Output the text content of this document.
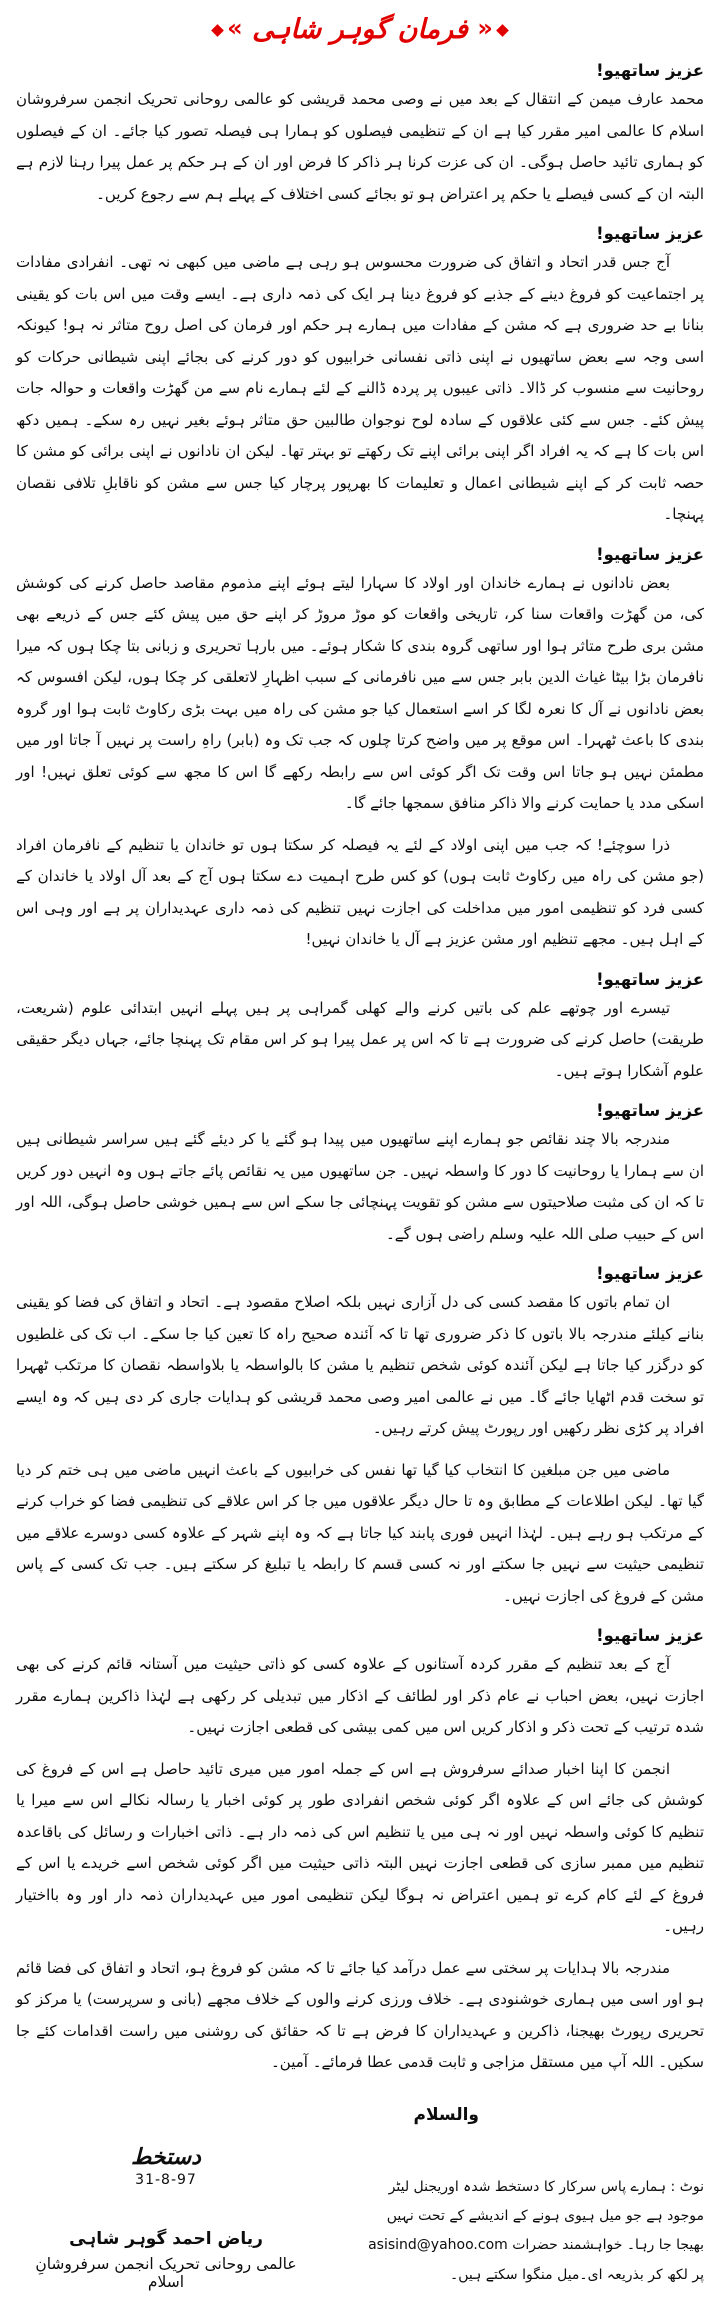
« فرمان گوہر شاہی »
عزیز ساتھیو!

محمد عارف میمن کے انتقال کے بعد میں نے وصی محمد قریشی کو عالمی روحانی تحریک انجمن سرفروشان اسلام کا عالمی امیر مقرر کیا ہے ان کے تنظیمی فیصلوں کو ہمارا ہی فیصلہ تصور کیا جائے۔ ان کے فیصلوں کو ہماری تائید حاصل ہوگی۔ ان کی عزت کرنا ہر ذاکر کا فرض اور ان کے ہر حکم پر عمل پیرا رہنا لازم ہے البتہ ان کے کسی فیصلے یا حکم پر اعتراض ہو تو بجائے کسی اختلاف کے پہلے ہم سے رجوع کریں۔

عزیز ساتھیو!

آج جس قدر اتحاد و اتفاق کی ضرورت محسوس ہو رہی ہے ماضی میں کبھی نہ تھی۔ انفرادی مفادات پر اجتماعیت کو فروغ دینے کے جذبے کو فروغ دینا ہر ایک کی ذمہ داری ہے۔ ایسے وقت میں اس بات کو یقینی بنانا بے حد ضروری ہے کہ مشن کے مفادات میں ہمارے ہر حکم اور فرمان کی اصل روح متاثر نہ ہو! کیونکہ اسی وجہ سے بعض ساتھیوں نے اپنی ذاتی نفسانی خرابیوں کو دور کرنے کی بجائے اپنی شیطانی حرکات کو روحانیت سے منسوب کر ڈالا۔ ذاتی عیبوں پر پردہ ڈالنے کے لئے ہمارے نام سے من گھڑت واقعات و حوالہ جات پیش کئے۔ جس سے کئی علاقوں کے سادہ لوح نوجوان طالبین حق متاثر ہوئے بغیر نہیں رہ سکے۔ ہمیں دکھ اس بات کا ہے کہ یہ افراد اگر اپنی برائی اپنے تک رکھتے تو بہتر تھا۔ لیکن ان نادانوں نے اپنی برائی کو مشن کا حصہ ثابت کر کے اپنے شیطانی اعمال و تعلیمات کا بھرپور پرچار کیا جس سے مشن کو ناقابلِ تلافی نقصان پہنچا۔

عزیز ساتھیو!

بعض نادانوں نے ہمارے خاندان اور اولاد کا سہارا لیتے ہوئے اپنے مذموم مقاصد حاصل کرنے کی کوشش کی، من گھڑت واقعات سنا کر، تاریخی واقعات کو موڑ مروڑ کر اپنے حق میں پیش کئے جس کے ذریعے بھی مشن بری طرح متاثر ہوا اور ساتھی گروہ بندی کا شکار ہوئے۔ میں بارہا تحریری و زبانی بتا چکا ہوں کہ میرا نافرمان بڑا بیٹا غیاث الدین بابر جس سے میں نافرمانی کے سبب اظہارِ لاتعلقی کر چکا ہوں، لیکن افسوس کہ بعض نادانوں نے آل کا نعرہ لگا کر اسے استعمال کیا جو مشن کی راہ میں بہت بڑی رکاوٹ ثابت ہوا اور گروہ بندی کا باعث ٹھہرا۔ اس موقع پر میں واضح کرتا چلوں کہ جب تک وہ (بابر) راہِ راست پر نہیں آ جاتا اور میں مطمئن نہیں ہو جاتا اس وقت تک اگر کوئی اس سے رابطہ رکھے گا اس کا مجھ سے کوئی تعلق نہیں! اور اسکی مدد یا حمایت کرنے والا ذاکر منافق سمجھا جائے گا۔

ذرا سوچئے! کہ جب میں اپنی اولاد کے لئے یہ فیصلہ کر سکتا ہوں تو خاندان یا تنظیم کے نافرمان افراد (جو مشن کی راہ میں رکاوٹ ثابت ہوں) کو کس طرح اہمیت دے سکتا ہوں آج کے بعد آل اولاد یا خاندان کے کسی فرد کو تنظیمی امور میں مداخلت کی اجازت نہیں تنظیم کی ذمہ داری عہدیداران پر ہے اور وہی اس کے اہل ہیں۔ مجھے تنظیم اور مشن عزیز ہے آل یا خاندان نہیں!

عزیز ساتھیو!

تیسرے اور چوتھے علم کی باتیں کرنے والے کھلی گمراہی پر ہیں پہلے انہیں ابتدائی علوم (شریعت، طریقت) حاصل کرنے کی ضرورت ہے تا کہ اس پر عمل پیرا ہو کر اس مقام تک پہنچا جائے، جہاں دیگر حقیقی علوم آشکارا ہوتے ہیں۔

عزیز ساتھیو!

مندرجہ بالا چند نقائص جو ہمارے اپنے ساتھیوں میں پیدا ہو گئے یا کر دیئے گئے ہیں سراسر شیطانی ہیں ان سے ہمارا یا روحانیت کا دور کا واسطہ نہیں۔ جن ساتھیوں میں یہ نقائص پائے جاتے ہوں وہ انہیں دور کریں تا کہ ان کی مثبت صلاحیتوں سے مشن کو تقویت پہنچائی جا سکے اس سے ہمیں خوشی حاصل ہوگی، اللہ اور اس کے حبیب صلی اللہ علیہ وسلم راضی ہوں گے۔

عزیز ساتھیو!

ان تمام باتوں کا مقصد کسی کی دل آزاری نہیں بلکہ اصلاح مقصود ہے۔ اتحاد و اتفاق کی فضا کو یقینی بنانے کیلئے مندرجہ بالا باتوں کا ذکر ضروری تھا تا کہ آئندہ صحیح راہ کا تعین کیا جا سکے۔ اب تک کی غلطیوں کو درگزر کیا جاتا ہے لیکن آئندہ کوئی شخص تنظیم یا مشن کا بالواسطہ یا بلاواسطہ نقصان کا مرتکب ٹھہرا تو سخت قدم اٹھایا جائے گا۔ میں نے عالمی امیر وصی محمد قریشی کو ہدایات جاری کر دی ہیں کہ وہ ایسے افراد پر کڑی نظر رکھیں اور رپورٹ پیش کرتے رہیں۔

ماضی میں جن مبلغین کا انتخاب کیا گیا تھا نفس کی خرابیوں کے باعث انہیں ماضی میں ہی ختم کر دیا گیا تھا۔ لیکن اطلاعات کے مطابق وہ تا حال دیگر علاقوں میں جا کر اس علاقے کی تنظیمی فضا کو خراب کرنے کے مرتکب ہو رہے ہیں۔ لہٰذا انہیں فوری پابند کیا جاتا ہے کہ وہ اپنے شہر کے علاوہ کسی دوسرے علاقے میں تنظیمی حیثیت سے نہیں جا سکتے اور نہ کسی قسم کا رابطہ یا تبلیغ کر سکتے ہیں۔ جب تک کسی کے پاس مشن کے فروغ کی اجازت نہیں۔

عزیز ساتھیو!

آج کے بعد تنظیم کے مقرر کردہ آستانوں کے علاوہ کسی کو ذاتی حیثیت میں آستانہ قائم کرنے کی بھی اجازت نہیں، بعض احباب نے عام ذکر اور لطائف کے اذکار میں تبدیلی کر رکھی ہے لہٰذا ذاکرین ہمارے مقرر شدہ ترتیب کے تحت ذکر و اذکار کریں اس میں کمی بیشی کی قطعی اجازت نہیں۔

انجمن کا اپنا اخبار صدائے سرفروش ہے اس کے جملہ امور میں میری تائید حاصل ہے اس کے فروغ کی کوشش کی جائے اس کے علاوہ اگر کوئی شخص انفرادی طور پر کوئی اخبار یا رسالہ نکالے اس سے میرا یا تنظیم کا کوئی واسطہ نہیں اور نہ ہی میں یا تنظیم اس کی ذمہ دار ہے۔ ذاتی اخبارات و رسائل کی باقاعدہ تنظیم میں ممبر سازی کی قطعی اجازت نہیں البتہ ذاتی حیثیت میں اگر کوئی شخص اسے خریدے یا اس کے فروغ کے لئے کام کرے تو ہمیں اعتراض نہ ہوگا لیکن تنظیمی امور میں عہدیداران ذمہ دار اور وہ بااختیار رہیں۔

مندرجہ بالا ہدایات پر سختی سے عمل درآمد کیا جائے تا کہ مشن کو فروغ ہو، اتحاد و اتفاق کی فضا قائم ہو اور اسی میں ہماری خوشنودی ہے۔ خلاف ورزی کرنے والوں کے خلاف مجھے (بانی و سرپرست) یا مرکز کو تحریری رپورٹ بھیجنا، ذاکرین و عہدیداران کا فرض ہے تا کہ حقائق کی روشنی میں راست اقدامات کئے جا سکیں۔ اللہ آپ میں مستقل مزاجی و ثابت قدمی عطا فرمائے۔ آمین۔

والسلام
نوٹ : ہمارے پاس سرکار کا دستخط شدہ اوریجنل لیٹر موجود ہے جو میل ہیوی ہونے کے اندیشے کے تحت نہیں بھیجا جا رہا۔ خواہشمند حضرات asisind@yahoo.com پر لکھ کر بذریعہ ای۔میل منگوا سکتے ہیں۔
دستخط
31-8-97
ریاض احمد گوہر شاہی
عالمی روحانی تحریک انجمن سرفروشانِ اسلام
